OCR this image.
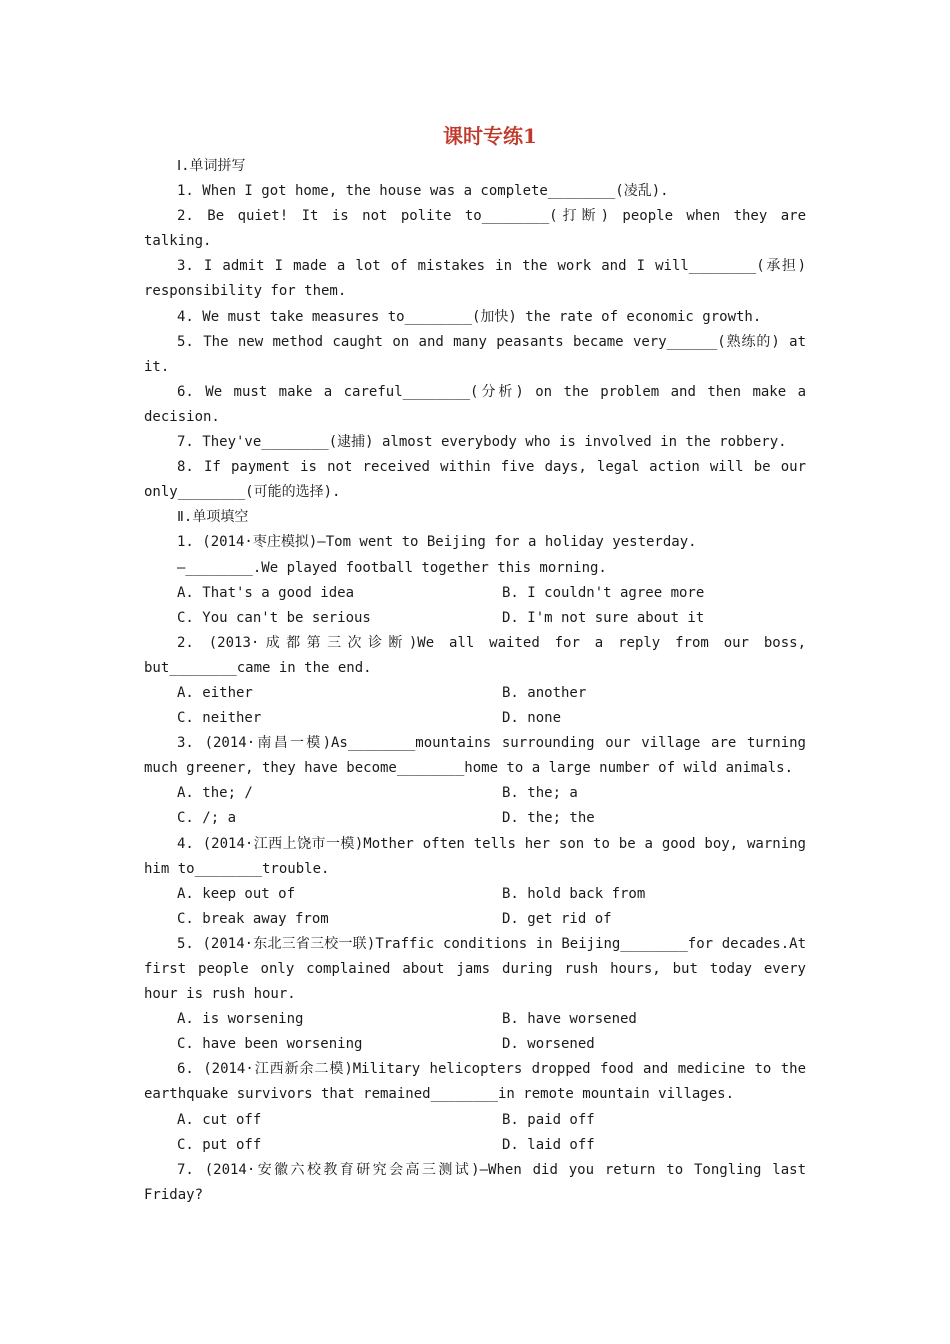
课时专练1
Ⅰ.单词拼写
1. When I got home, the house was a complete________(凌乱).
2. Be quiet! It is not polite to________(打断) people when they are talking.
3. I admit I made a lot of mistakes in the work and I will________(承担) responsibility for them.
4. We must take measures to________(加快) the rate of economic growth.
5. The new method caught on and many peasants became very______(熟练的) at it.
6. We must make a careful________(分析) on the problem and then make a decision.
7. They've________(逮捕) almost everybody who is involved in the robbery.
8. If payment is not received within five days, legal action will be our only________(可能的选择).
Ⅱ.单项填空
1. (2014·枣庄模拟)—Tom went to Beijing for a holiday yesterday.
—________.We played football together this morning.
A. That's a good idea	B. I couldn't agree more
C. You can't be serious	D. I'm not sure about it
2. (2013·成都第三次诊断)We all waited for a reply from our boss, but________came in the end.
A. either	B. another
C. neither	D. none
3. (2014·南昌一模)As________mountains surrounding our village are turning much greener, they have become________home to a large number of wild animals.
A. the; /	B. the; a
C. /; a	D. the; the
4. (2014·江西上饶市一模)Mother often tells her son to be a good boy, warning him to________trouble.
A. keep out of	B. hold back from
C. break away from	D. get rid of
5. (2014·东北三省三校一联)Traffic conditions in Beijing________for decades.At first people only complained about jams during rush hours, but today every hour is rush hour.
A. is worsening	B. have worsened
C. have been worsening	D. worsened
6. (2014·江西新余二模)Military helicopters dropped food and medicine to the earthquake survivors that remained________in remote mountain villages.
A. cut off	B. paid off
C. put off	D. laid off
7. (2014·安徽六校教育研究会高三测试)—When did you return to Tongling last Friday?
